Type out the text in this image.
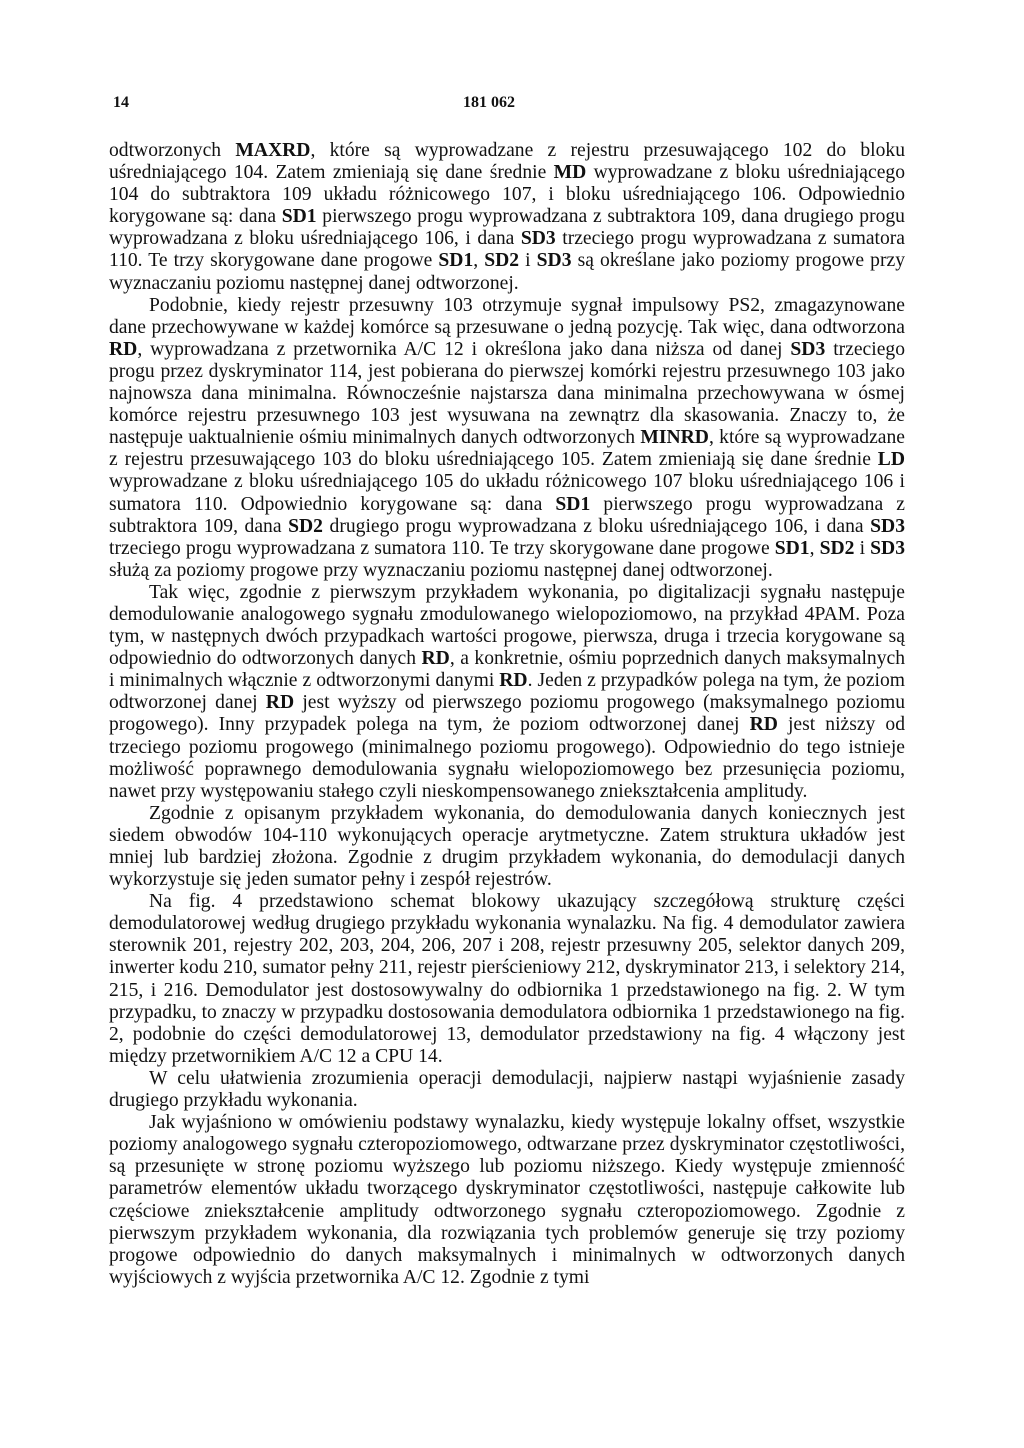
14	181 062

odtworzonych MAXRD, które są wyprowadzane z rejestru przesuwającego 102 do bloku uśredniającego 104. Zatem zmieniają się dane średnie MD wyprowadzane z bloku uśredniającego 104 do subtraktora 109 układu różnicowego 107, i bloku uśredniającego 106. Odpowiednio korygowane są: dana SD1 pierwszego progu wyprowadzana z subtraktora 109, dana drugiego progu wyprowadzana z bloku uśredniającego 106, i dana SD3 trzeciego progu wyprowadzana z sumatora 110. Te trzy skorygowane dane progowe SD1, SD2 i SD3 są określane jako poziomy progowe przy wyznaczaniu poziomu następnej danej odtworzonej.

Podobnie, kiedy rejestr przesuwny 103 otrzymuje sygnał impulsowy PS2, zmagazynowane dane przechowywane w każdej komórce są przesuwane o jedną pozycję. Tak więc, dana odtworzona RD, wyprowadzana z przetwornika A/C 12 i określona jako dana niższa od danej SD3 trzeciego progu przez dyskryminator 114, jest pobierana do pierwszej komórki rejestru przesuwnego 103 jako najnowsza dana minimalna. Równocześnie najstarsza dana minimalna przechowywana w ósmej komórce rejestru przesuwnego 103 jest wysuwana na zewnątrz dla skasowania. Znaczy to, że następuje uaktualnienie ośmiu minimalnych danych odtworzonych MINRD, które są wyprowadzane z rejestru przesuwającego 103 do bloku uśredniającego 105. Zatem zmieniają się dane średnie LD wyprowadzane z bloku uśredniającego 105 do układu różnicowego 107 bloku uśredniającego 106 i sumatora 110. Odpowiednio korygowane są: dana SD1 pierwszego progu wyprowadzana z subtraktora 109, dana SD2 drugiego progu wyprowadzana z bloku uśredniającego 106, i dana SD3 trzeciego progu wyprowadzana z sumatora 110. Te trzy skorygowane dane progowe SD1, SD2 i SD3 służą za poziomy progowe przy wyznaczaniu poziomu następnej danej odtworzonej.

Tak więc, zgodnie z pierwszym przykładem wykonania, po digitalizacji sygnału następuje demodulowanie analogowego sygnału zmodulowanego wielopoziomowo, na przykład 4PAM. Poza tym, w następnych dwóch przypadkach wartości progowe, pierwsza, druga i trzecia korygowane są odpowiednio do odtworzonych danych RD, a konkretnie, ośmiu poprzednich danych maksymalnych i minimalnych włącznie z odtworzonymi danymi RD. Jeden z przypadków polega na tym, że poziom odtworzonej danej RD jest wyższy od pierwszego poziomu progowego (maksymalnego poziomu progowego). Inny przypadek polega na tym, że poziom odtworzonej danej RD jest niższy od trzeciego poziomu progowego (minimalnego poziomu progowego). Odpowiednio do tego istnieje możliwość poprawnego demodulowania sygnału wielopoziomowego bez przesunięcia poziomu, nawet przy występowaniu stałego czyli nieskompensowanego zniekształcenia amplitudy.

Zgodnie z opisanym przykładem wykonania, do demodulowania danych koniecznych jest siedem obwodów 104-110 wykonujących operacje arytmetyczne. Zatem struktura układów jest mniej lub bardziej złożona. Zgodnie z drugim przykładem wykonania, do demodulacji danych wykorzystuje się jeden sumator pełny i zespół rejestrów.

Na fig. 4 przedstawiono schemat blokowy ukazujący szczegółową strukturę części demodulatorowej według drugiego przykładu wykonania wynalazku. Na fig. 4 demodulator zawiera sterownik 201, rejestry 202, 203, 204, 206, 207 i 208, rejestr przesuwny 205, selektor danych 209, inwerter kodu 210, sumator pełny 211, rejestr pierścieniowy 212, dyskryminator 213, i selektory 214, 215, i 216. Demodulator jest dostosowywalny do odbiornika 1 przedstawionego na fig. 2. W tym przypadku, to znaczy w przypadku dostosowania demodulatora odbiornika 1 przedstawionego na fig. 2, podobnie do części demodulatorowej 13, demodulator przedstawiony na fig. 4 włączony jest między przetwornikiem A/C 12 a CPU 14.

W celu ułatwienia zrozumienia operacji demodulacji, najpierw nastąpi wyjaśnienie zasady drugiego przykładu wykonania.

Jak wyjaśniono w omówieniu podstawy wynalazku, kiedy występuje lokalny offset, wszystkie poziomy analogowego sygnału czteropoziomowego, odtwarzane przez dyskryminator częstotliwości, są przesunięte w stronę poziomu wyższego lub poziomu niższego. Kiedy występuje zmienność parametrów elementów układu tworzącego dyskryminator częstotliwości, następuje całkowite lub częściowe zniekształcenie amplitudy odtworzonego sygnału czteropoziomowego. Zgodnie z pierwszym przykładem wykonania, dla rozwiązania tych problemów generuje się trzy poziomy progowe odpowiednio do danych maksymalnych i minimalnych w odtworzonych danych wyjściowych z wyjścia przetwornika A/C 12. Zgodnie z tymi
